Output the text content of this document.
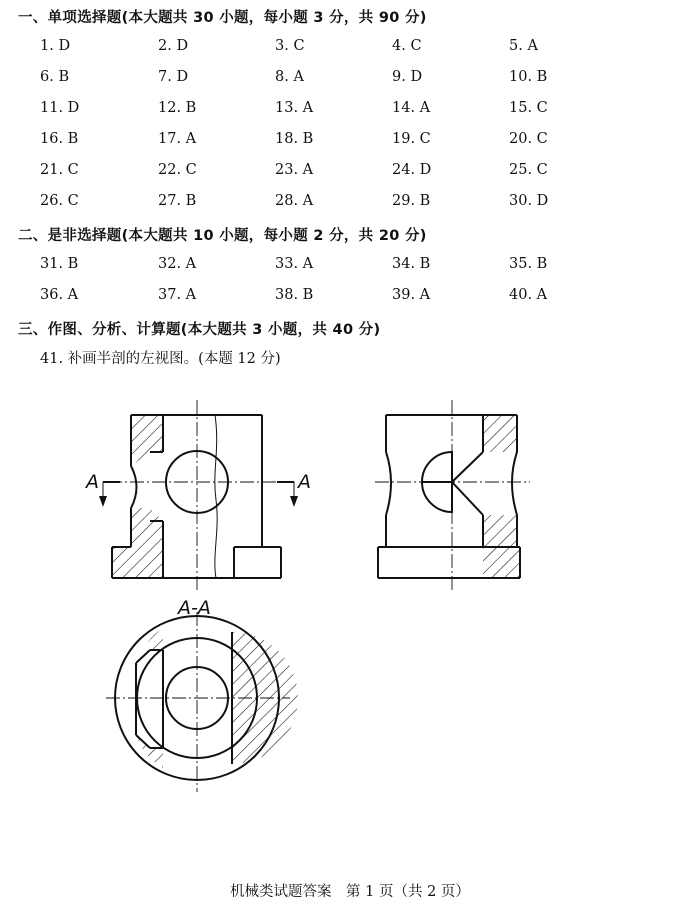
一、单项选择题(本大题共 30 小题，每小题 3 分，共 90 分)
1. D	2. D	3. C	4. C	5. A
6. B	7. D	8. A	9. D	10. B
11. D	12. B	13. A	14. A	15. C
16. B	17. A	18. B	19. C	20. C
21. C	22. C	23. A	24. D	25. C
26. C	27. B	28. A	29. B	30. D
二、是非选择题(本大题共 10 小题，每小题 2 分，共 20 分)
31. B	32. A	33. A	34. B	35. B
36. A	37. A	38. B	39. A	40. A
三、作图、分析、计算题(本大题共 3 小题，共 40 分)
41. 补画半剖的左视图。(本题 12 分)
A	A
A-A
机械类试题答案　第 1 页（共 2 页）
